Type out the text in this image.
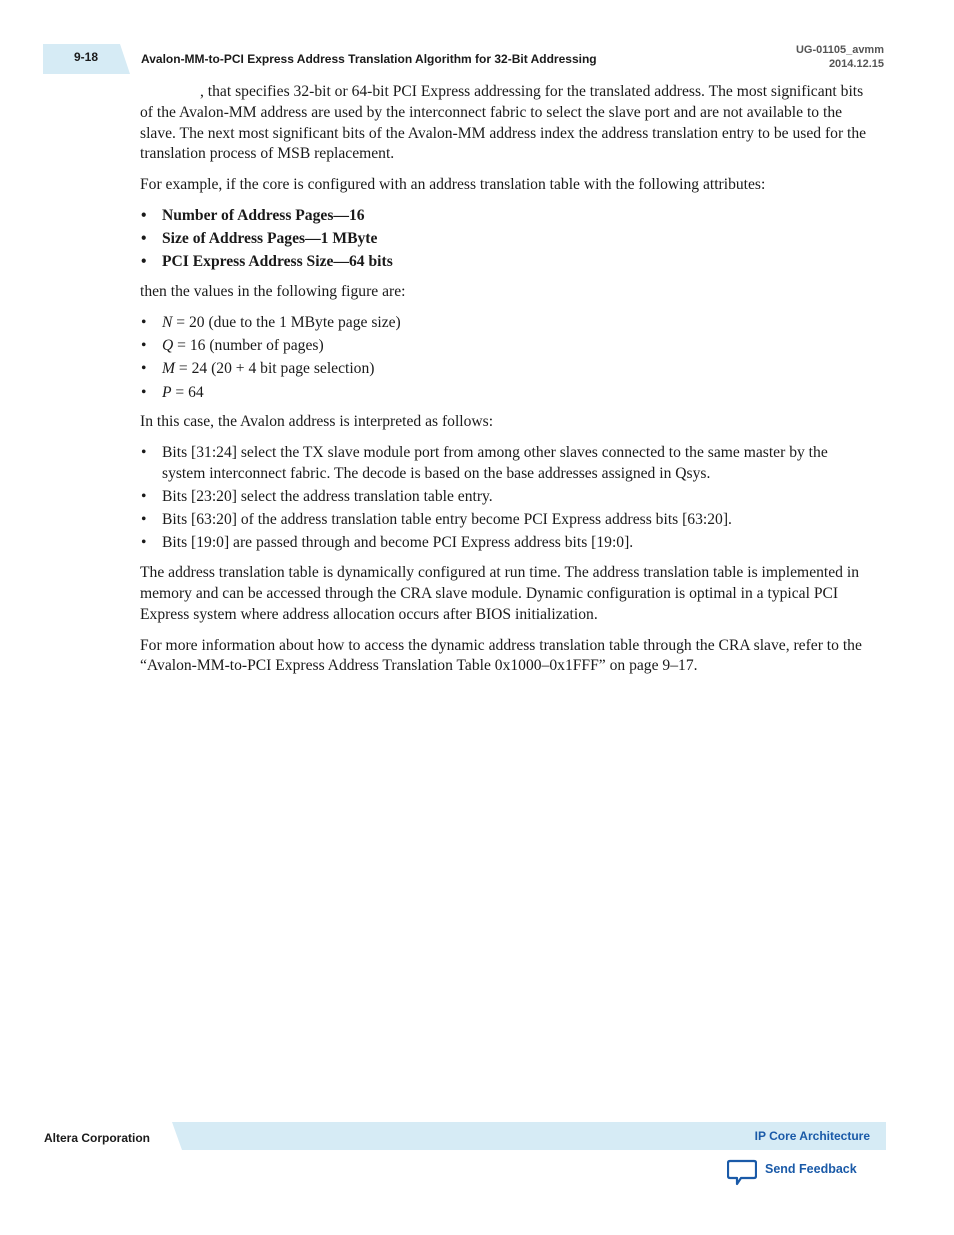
9-18	Avalon-MM-to-PCI Express Address Translation Algorithm for 32-Bit Addressing
UG-01105_avmm
2014.12.15

, that specifies 32-bit or 64-bit PCI Express addressing for the translated address. The most significant bits of the Avalon-MM address are used by the interconnect fabric to select the slave port and are not available to the slave. The next most significant bits of the Avalon-MM address index the address translation entry to be used for the translation process of MSB replacement.

For example, if the core is configured with an address translation table with the following attributes:

• Number of Address Pages—16
• Size of Address Pages—1 MByte
• PCI Express Address Size—64 bits

then the values in the following figure are:

• N = 20 (due to the 1 MByte page size)
• Q = 16 (number of pages)
• M = 24 (20 + 4 bit page selection)
• P = 64

In this case, the Avalon address is interpreted as follows:

• Bits [31:24] select the TX slave module port from among other slaves connected to the same master by the system interconnect fabric. The decode is based on the base addresses assigned in Qsys.
• Bits [23:20] select the address translation table entry.
• Bits [63:20] of the address translation table entry become PCI Express address bits [63:20].
• Bits [19:0] are passed through and become PCI Express address bits [19:0].

The address translation table is dynamically configured at run time. The address translation table is implemented in memory and can be accessed through the CRA slave module. Dynamic configuration is optimal in a typical PCI Express system where address allocation occurs after BIOS initialization.

For more information about how to access the dynamic address translation table through the CRA slave, refer to the “Avalon-MM-to-PCI Express Address Translation Table 0x1000–0x1FFF” on page 9–17.

Altera Corporation	IP Core Architecture
Send Feedback
